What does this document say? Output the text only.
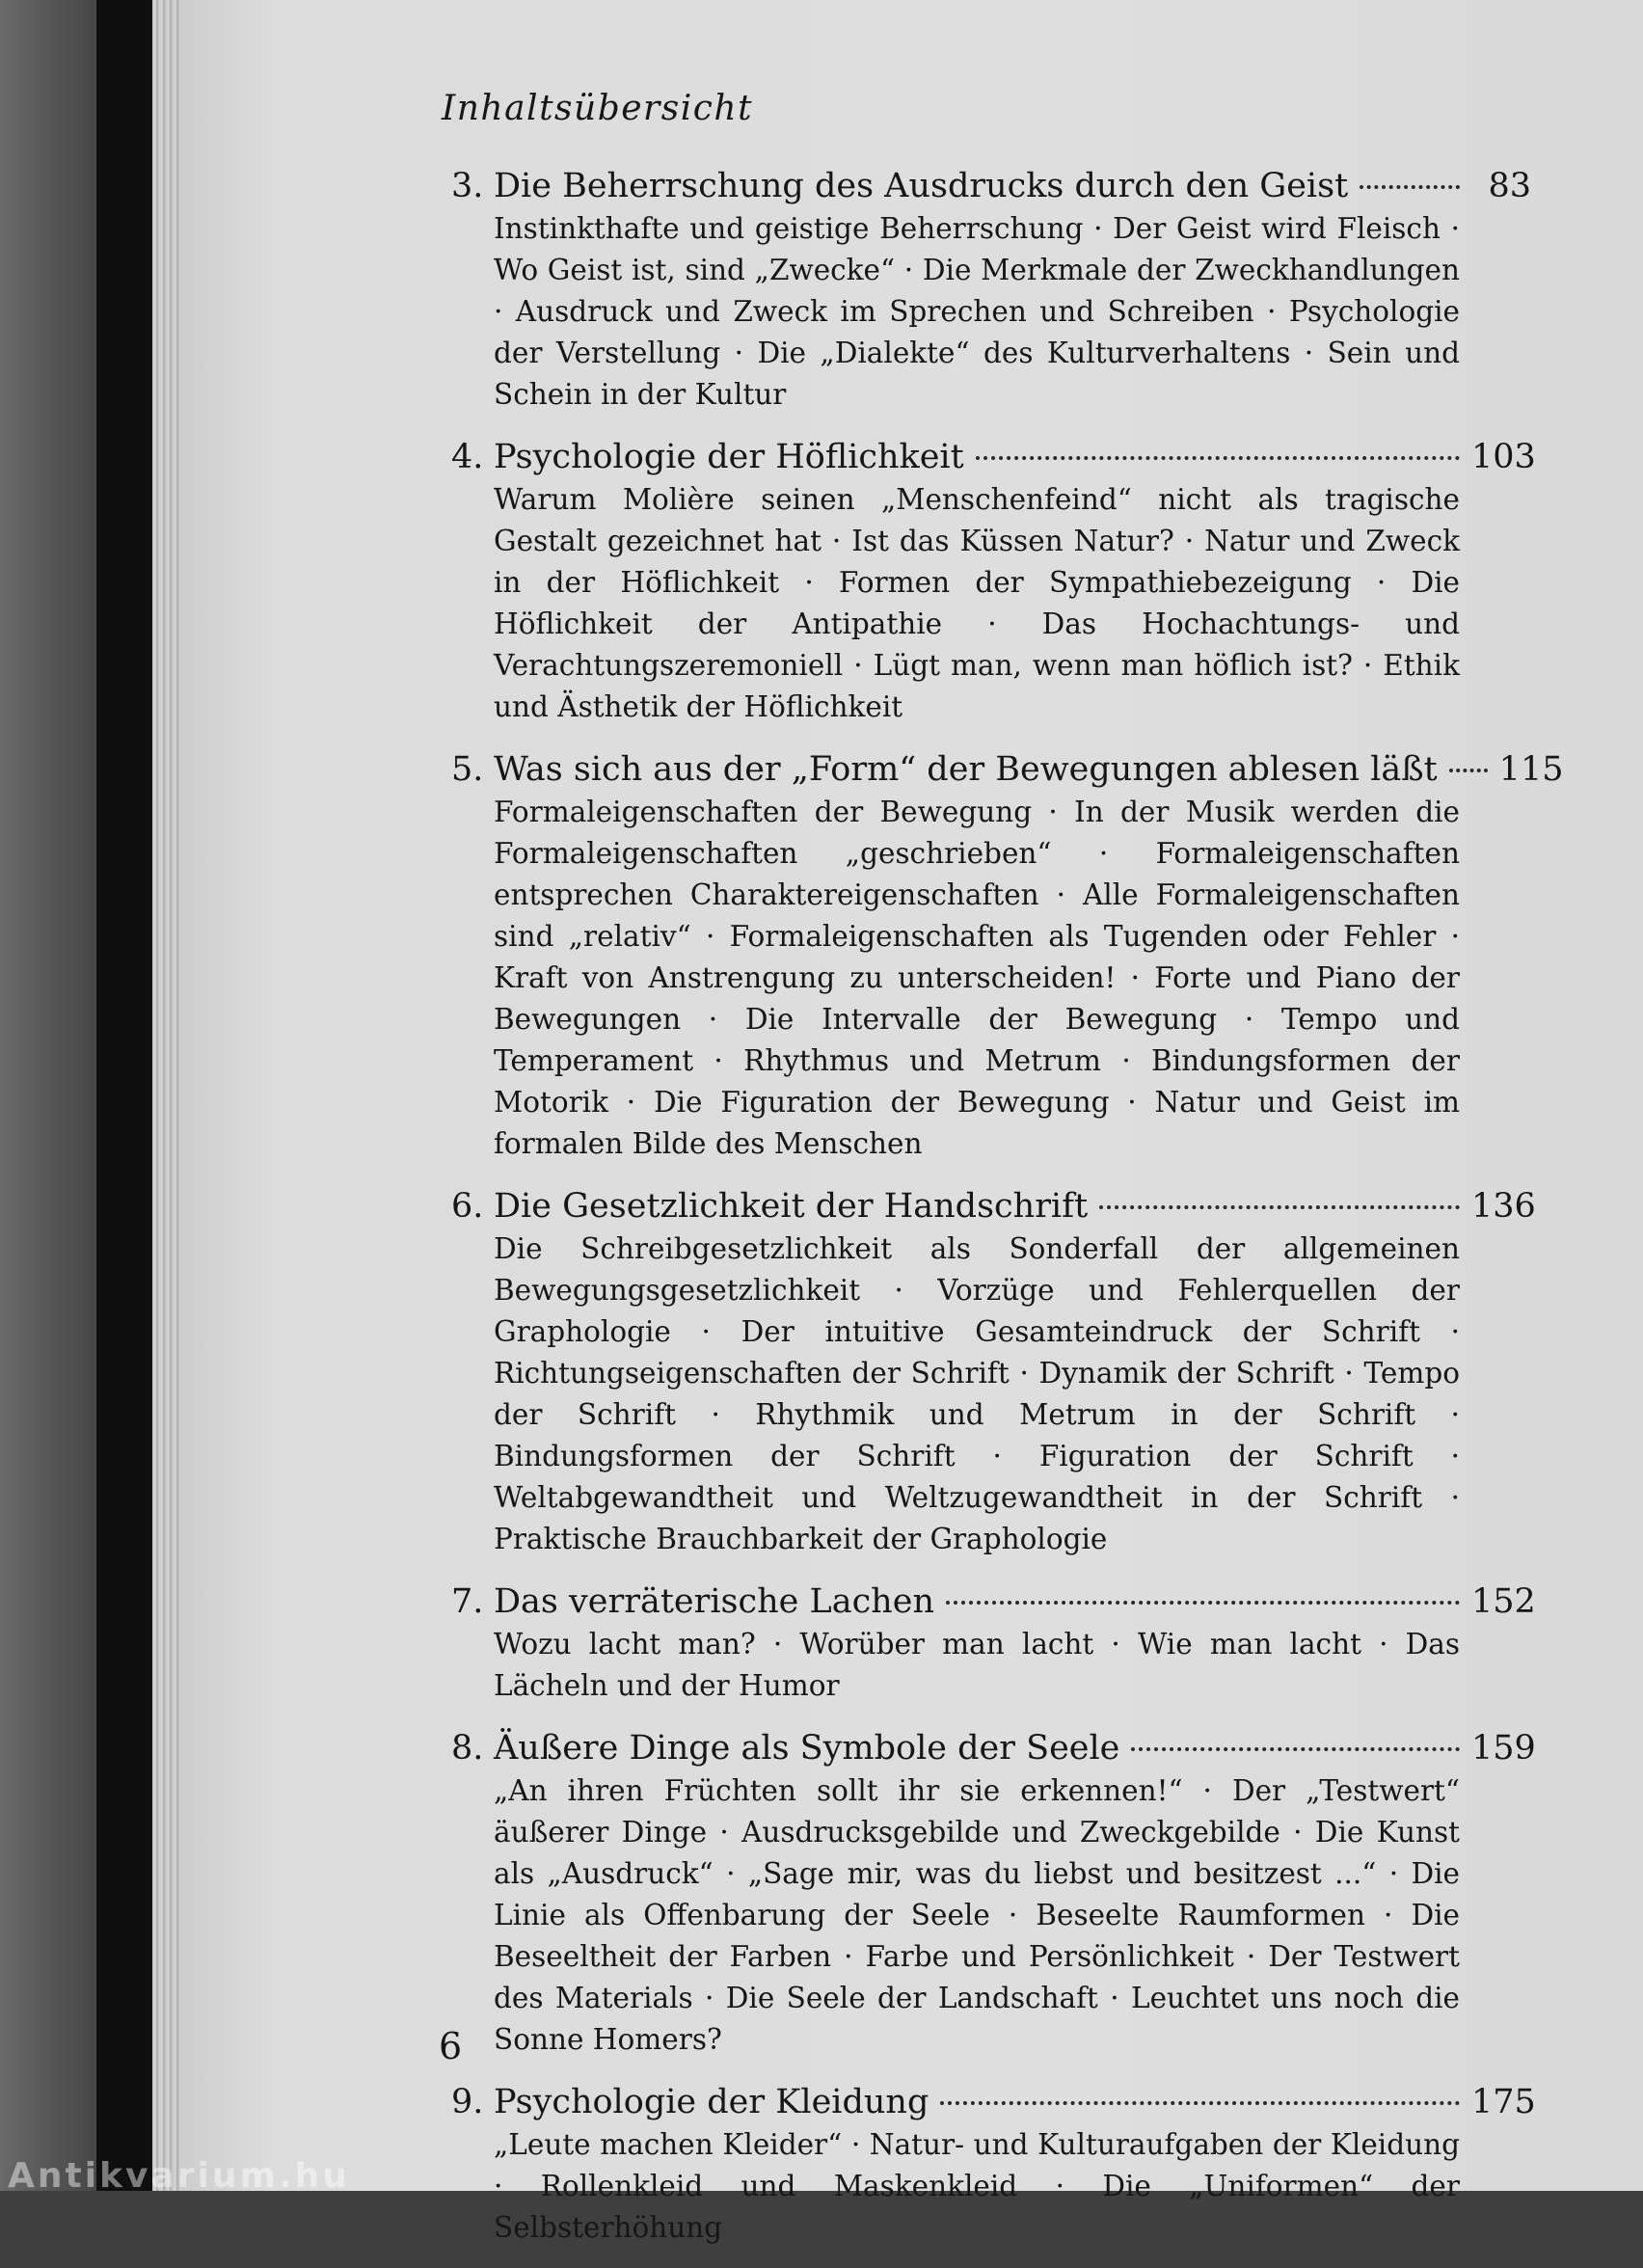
Inhaltsübersicht
3. Die Beherrschung des Ausdrucks durch den Geist	83

Instinkthafte und geistige Beherrschung · Der Geist wird Fleisch · Wo Geist ist, sind „Zwecke“ · Die Merkmale der Zweckhandlungen · Ausdruck und Zweck im Sprechen und Schreiben · Psychologie der Verstellung · Die „Dialekte“ des Kulturverhaltens · Sein und Schein in der Kultur

4. Psychologie der Höflichkeit	103

Warum Molière seinen „Menschenfeind“ nicht als tragische Gestalt gezeichnet hat · Ist das Küssen Natur? · Natur und Zweck in der Höflichkeit · Formen der Sympathiebezeigung · Die Höflichkeit der Antipathie · Das Hochachtungs- und Verachtungszeremoniell · Lügt man, wenn man höflich ist? · Ethik und Ästhetik der Höflichkeit

5. Was sich aus der „Form“ der Bewegungen ablesen läßt 115

Formaleigenschaften der Bewegung · In der Musik werden die Formaleigenschaften „geschrieben“ · Formaleigenschaften entsprechen Charaktereigenschaften · Alle Formaleigenschaften sind „relativ“ · Formaleigenschaften als Tugenden oder Fehler · Kraft von Anstrengung zu unterscheiden! · Forte und Piano der Bewegungen · Die Intervalle der Bewegung · Tempo und Temperament · Rhythmus und Metrum · Bindungsformen der Motorik · Die Figuration der Bewegung · Natur und Geist im formalen Bilde des Menschen

6. Die Gesetzlichkeit der Handschrift	136

Die Schreibgesetzlichkeit als Sonderfall der allgemeinen Bewegungsgesetzlichkeit · Vorzüge und Fehlerquellen der Graphologie · Der intuitive Gesamteindruck der Schrift · Richtungseigenschaften der Schrift · Dynamik der Schrift · Tempo der Schrift · Rhythmik und Metrum in der Schrift · Bindungsformen der Schrift · Figuration der Schrift · Weltabgewandtheit und Weltzugewandtheit in der Schrift · Praktische Brauchbarkeit der Graphologie

7. Das verräterische Lachen	152

Wozu lacht man? · Worüber man lacht · Wie man lacht · Das Lächeln und der Humor

8. Äußere Dinge als Symbole der Seele	159

„An ihren Früchten sollt ihr sie erkennen!“ · Der „Testwert“ äußerer Dinge · Ausdrucksgebilde und Zweckgebilde · Die Kunst als „Ausdruck“ · „Sage mir, was du liebst und besitzest ...“ · Die Linie als Offenbarung der Seele · Beseelte Raumformen · Die Beseeltheit der Farben · Farbe und Persönlichkeit · Der Testwert des Materials · Die Seele der Landschaft · Leuchtet uns noch die Sonne Homers?

9. Psychologie der Kleidung	175

„Leute machen Kleider“ · Natur- und Kulturaufgaben der Kleidung · Rollenkleid und Maskenkleid · Die „Uniformen“ der Selbsterhöhung

6
Antikvarium.hu
